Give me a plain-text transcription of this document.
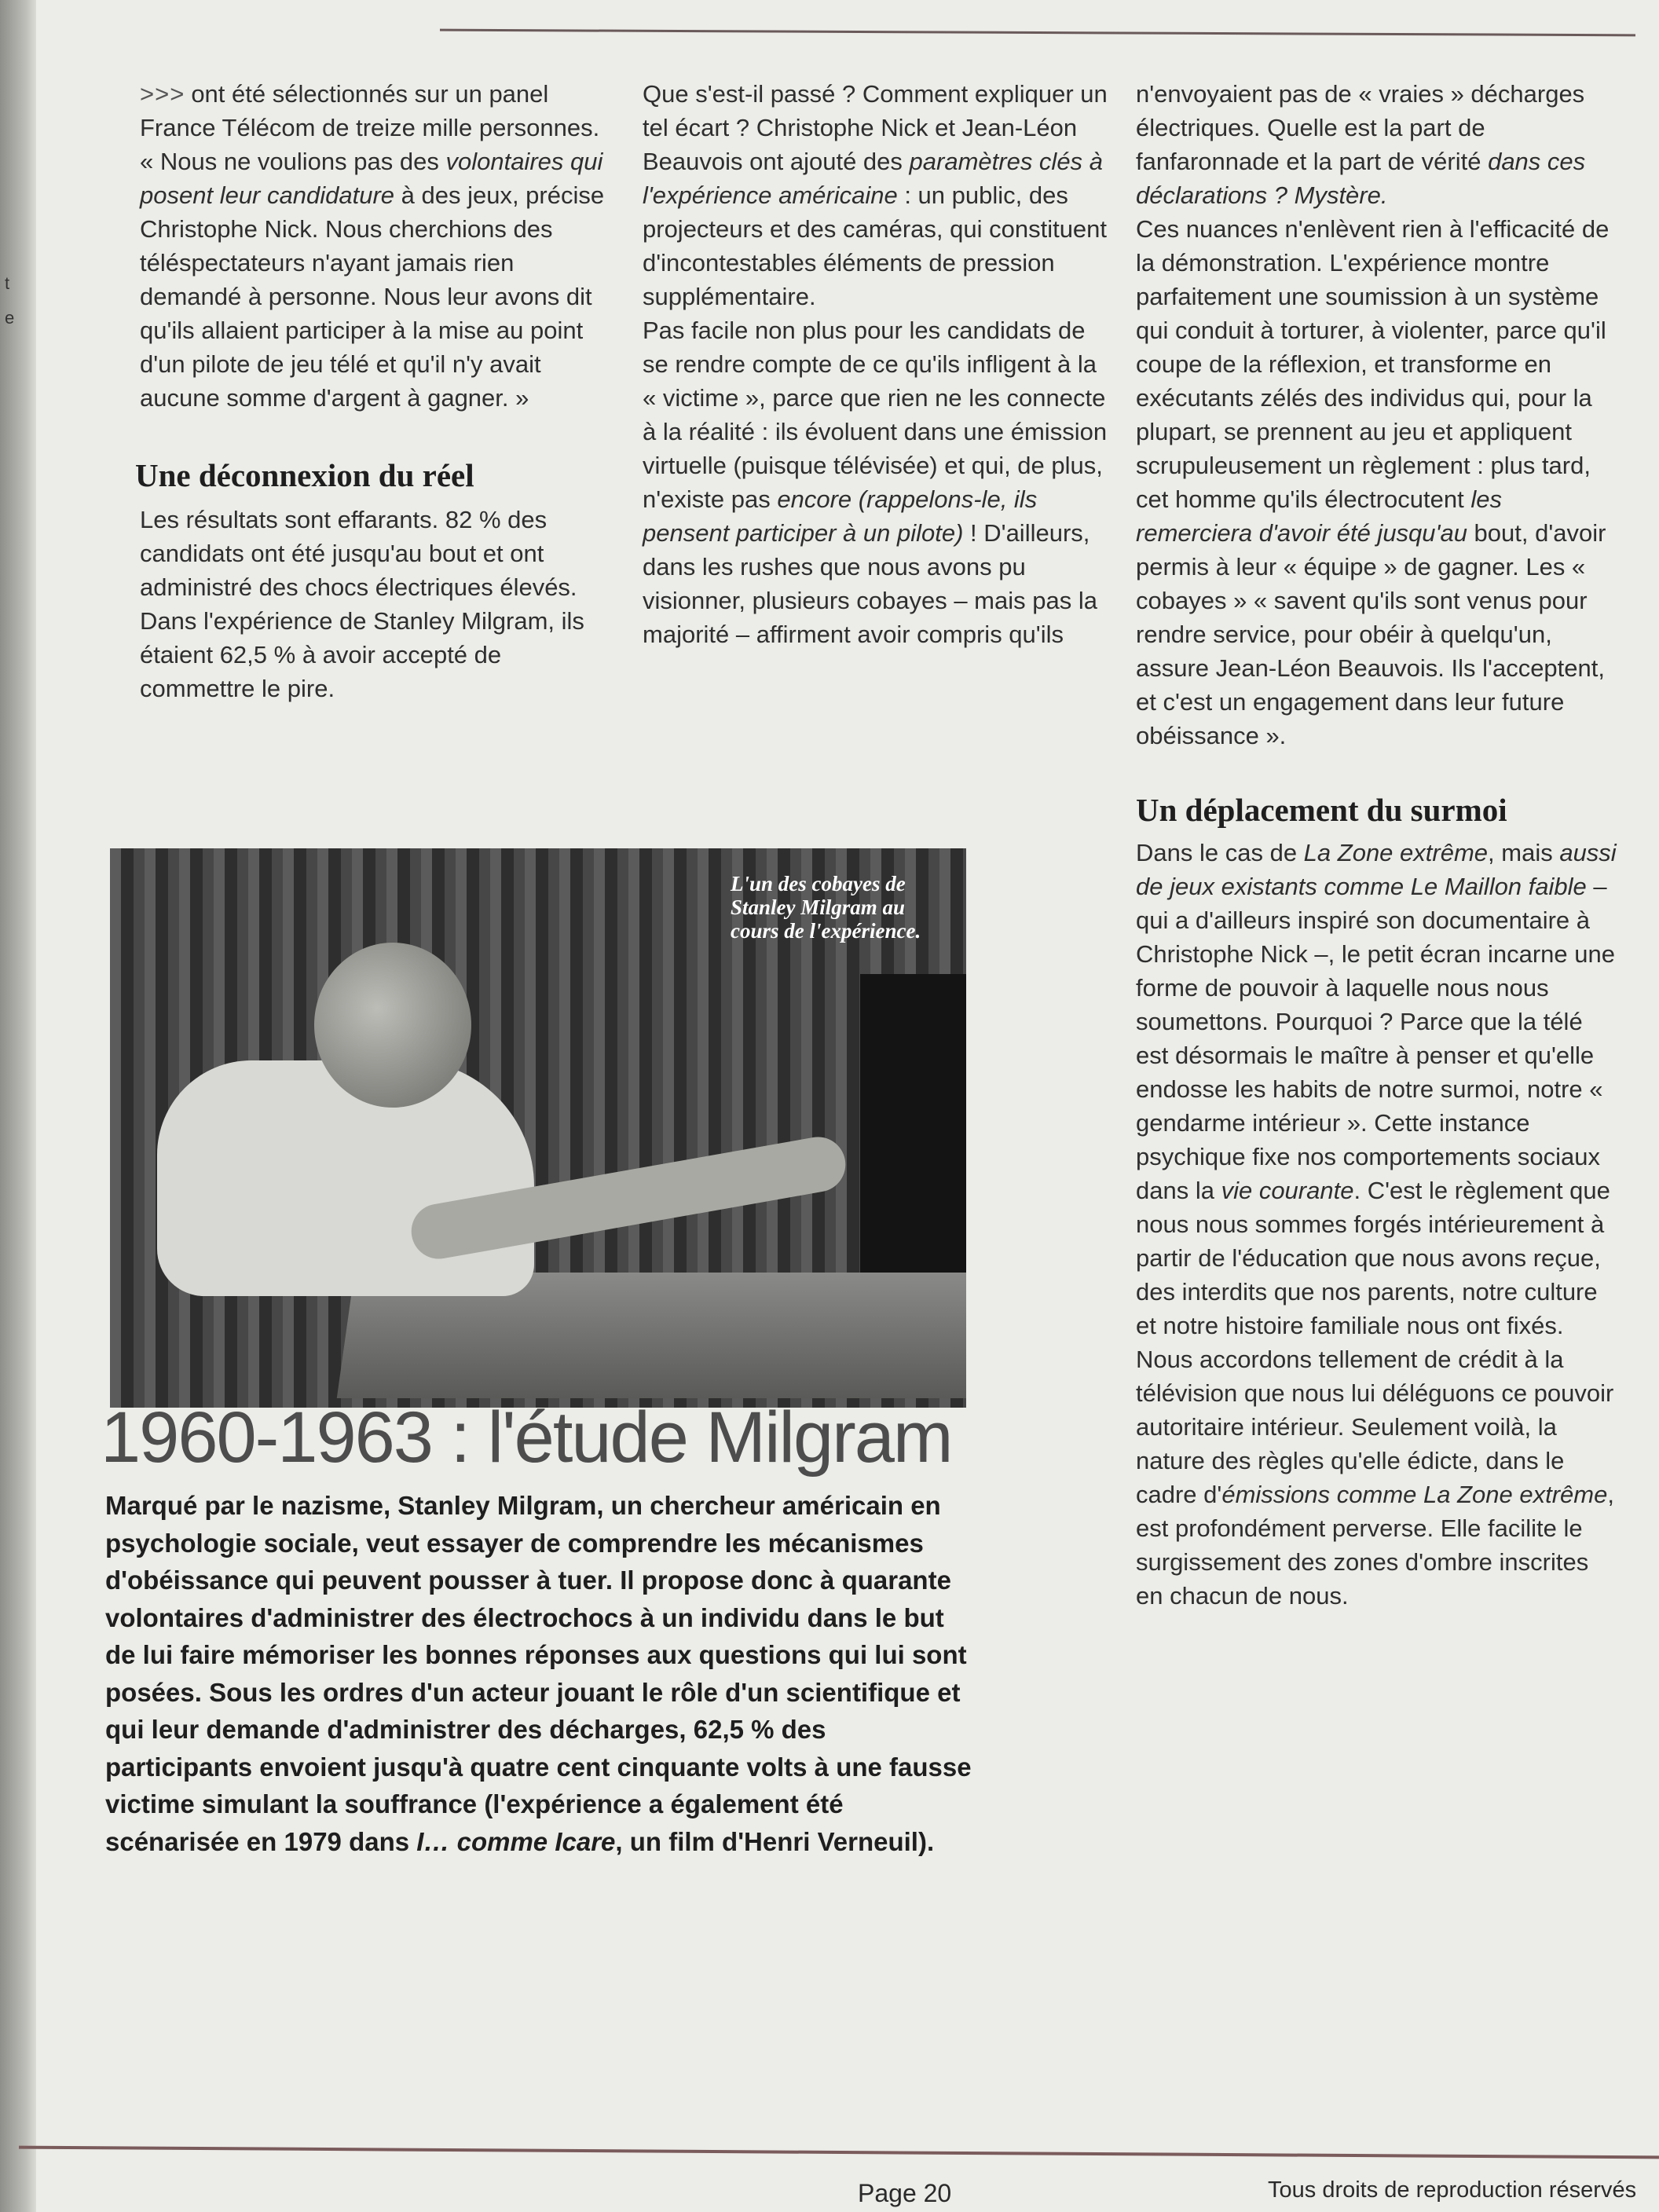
t
e

>>> ont été sélectionnés sur un panel France Télécom de treize mille personnes. « Nous ne voulions pas des volontaires qui posent leur candidature à des jeux, précise Christophe Nick. Nous cherchions des téléspectateurs n'ayant jamais rien demandé à personne. Nous leur avons dit qu'ils allaient participer à la mise au point d'un pilote de jeu télé et qu'il n'y avait aucune somme d'argent à gagner. »

Une déconnexion du réel

Les résultats sont effarants. 82 % des candidats ont été jusqu'au bout et ont administré des chocs électriques élevés. Dans l'expérience de Stanley Milgram, ils étaient 62,5 % à avoir accepté de commettre le pire.

Que s'est-il passé ? Comment expliquer un tel écart ? Christophe Nick et Jean-Léon Beauvois ont ajouté des paramètres clés à l'expérience américaine : un public, des projecteurs et des caméras, qui constituent d'incontestables éléments de pression supplémentaire.

Pas facile non plus pour les candidats de se rendre compte de ce qu'ils infligent à la « victime », parce que rien ne les connecte à la réalité : ils évoluent dans une émission virtuelle (puisque télévisée) et qui, de plus, n'existe pas encore (rappelons-le, ils pensent participer à un pilote) ! D'ailleurs, dans les rushes que nous avons pu visionner, plusieurs cobayes – mais pas la majorité – affirment avoir compris qu'ils

n'envoyaient pas de « vraies » décharges électriques. Quelle est la part de fanfaronnade et la part de vérité dans ces déclarations ? Mystère.

Ces nuances n'enlèvent rien à l'efficacité de la démonstration. L'expérience montre parfaitement une soumission à un système qui conduit à torturer, à violenter, parce qu'il coupe de la réflexion, et transforme en exécutants zélés des individus qui, pour la plupart, se prennent au jeu et appliquent scrupuleusement un règlement : plus tard, cet homme qu'ils électrocutent les remerciera d'avoir été jusqu'au bout, d'avoir permis à leur « équipe » de gagner. Les « cobayes » « savent qu'ils sont venus pour rendre service, pour obéir à quelqu'un, assure Jean-Léon Beauvois. Ils l'acceptent, et c'est un engagement dans leur future obéissance ».

Un déplacement du surmoi

Dans le cas de La Zone extrême, mais aussi de jeux existants comme Le Maillon faible – qui a d'ailleurs inspiré son documentaire à Christophe Nick –, le petit écran incarne une forme de pouvoir à laquelle nous nous soumettons. Pourquoi ? Parce que la télé est désormais le maître à penser et qu'elle endosse les habits de notre surmoi, notre « gendarme intérieur ». Cette instance psychique fixe nos comportements sociaux dans la vie courante. C'est le règlement que nous nous sommes forgés intérieurement à partir de l'éducation que nous avons reçue, des interdits que nos parents, notre culture et notre histoire familiale nous ont fixés.

Nous accordons tellement de crédit à la télévision que nous lui déléguons ce pouvoir autoritaire intérieur. Seulement voilà, la nature des règles qu'elle édicte, dans le cadre d'émissions comme La Zone extrême, est profondément perverse. Elle facilite le surgissement des zones d'ombre inscrites en chacun de nous.

L'un des cobayes de Stanley Milgram au cours de l'expérience.
1960-1963 : l'étude Milgram
Marqué par le nazisme, Stanley Milgram, un chercheur américain en psychologie sociale, veut essayer de comprendre les mécanismes d'obéissance qui peuvent pousser à tuer. Il propose donc à quarante volontaires d'administrer des électrochocs à un individu dans le but de lui faire mémoriser les bonnes réponses aux questions qui lui sont posées. Sous les ordres d'un acteur jouant le rôle d'un scientifique et qui leur demande d'administrer des décharges, 62,5 % des participants envoient jusqu'à quatre cent cinquante volts à une fausse victime simulant la souffrance (l'expérience a également été scénarisée en 1979 dans I… comme Icare, un film d'Henri Verneuil).
Page 20	Tous droits de reproduction réservés
